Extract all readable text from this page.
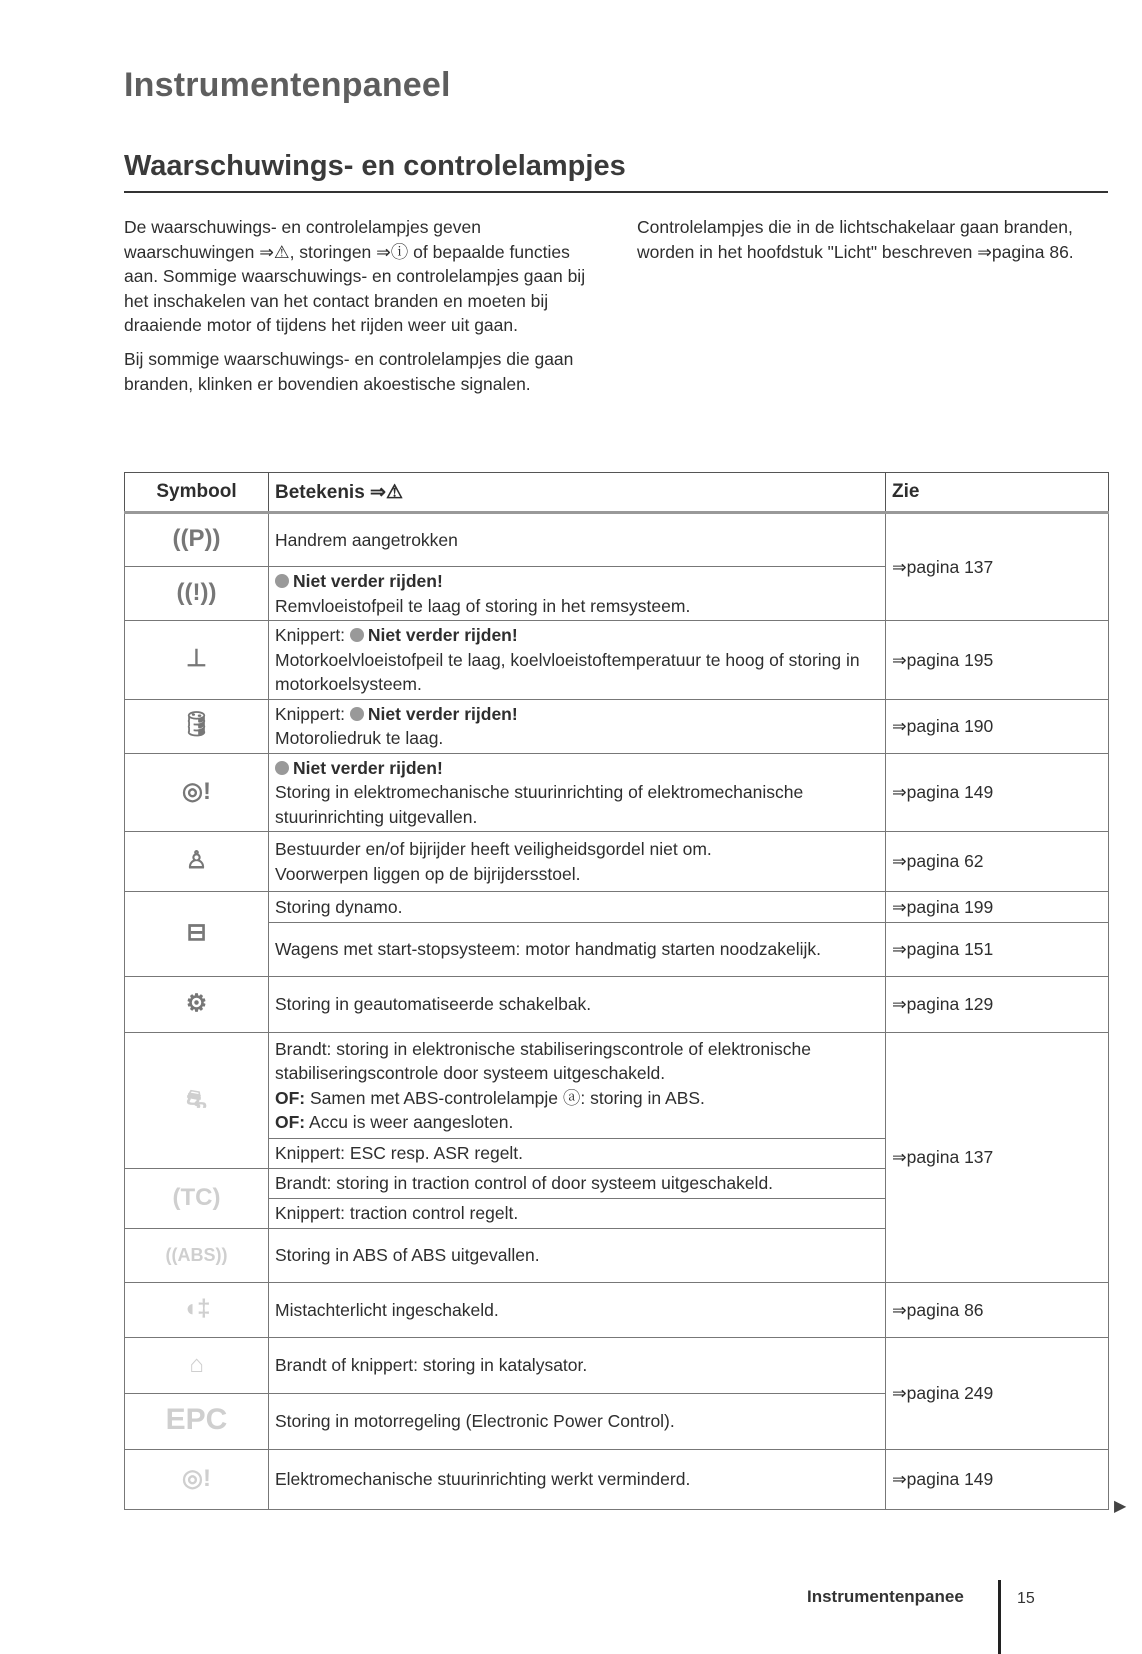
Instrumentenpaneel
Waarschuwings- en controlelampjes

De waarschuwings- en controlelampjes geven waarschuwingen ⇒⚠, storingen ⇒ⓘ of bepaalde functies aan. Sommige waarschuwings- en controlelampjes gaan bij het inschakelen van het contact branden en moeten bij draaiende motor of tijdens het rijden weer uit gaan.

Bij sommige waarschuwings- en controlelampjes die gaan branden, klinken er bovendien akoestische signalen.

Controlelampjes die in de lichtschakelaar gaan branden, worden in het hoofdstuk "Licht" beschreven ⇒pagina 86.

Symbool	Betekenis ⇒⚠	Zie
((P))	Handrem aangetrokken	⇒pagina 137
((!))	Niet verder rijden!
Remvloeistofpeil te laag of storing in het remsysteem.	
⊥	Knippert: Niet verder rijden!
Motorkoelvloeistofpeil te laag, koelvloeistoftemperatuur te hoog of storing in motorkoelsysteem.	⇒pagina 195
🛢	Knippert: Niet verder rijden!
Motoroliedruk te laag.	⇒pagina 190
◎!	Niet verder rijden!
Storing in elektromechanische stuurinrichting of elektromechanische stuurinrichting uitgevallen.	⇒pagina 149
♙	Bestuurder en/of bijrijder heeft veiligheidsgordel niet om.
Voorwerpen liggen op de bijrijdersstoel.	⇒pagina 62
⊟	Storing dynamo.	⇒pagina 199
	Wagens met start-stopsysteem: motor handmatig starten noodzakelijk.	⇒pagina 151
⚙	Storing in geautomatiseerde schakelbak.	⇒pagina 129
⛐	Brandt: storing in elektronische stabiliseringscontrole of elektronische stabiliseringscontrole door systeem uitgeschakeld.
OF: Samen met ABS-controlelampje ⓐ: storing in ABS.
OF: Accu is weer aangesloten.	⇒pagina 137
	Knippert: ESC resp. ASR regelt.	
(TC)	Brandt: storing in traction control of door systeem uitgeschakeld.	
	Knippert: traction control regelt.	
((ABS))	Storing in ABS of ABS uitgevallen.	
◖‡	Mistachterlicht ingeschakeld.	⇒pagina 86
⌂	Brandt of knippert: storing in katalysator.	⇒pagina 249
EPC	Storing in motorregeling (Electronic Power Control).	
◎!	Elektromechanische stuurinrichting werkt verminderd.	⇒pagina 149
▶
Instrumentenpanee	15
